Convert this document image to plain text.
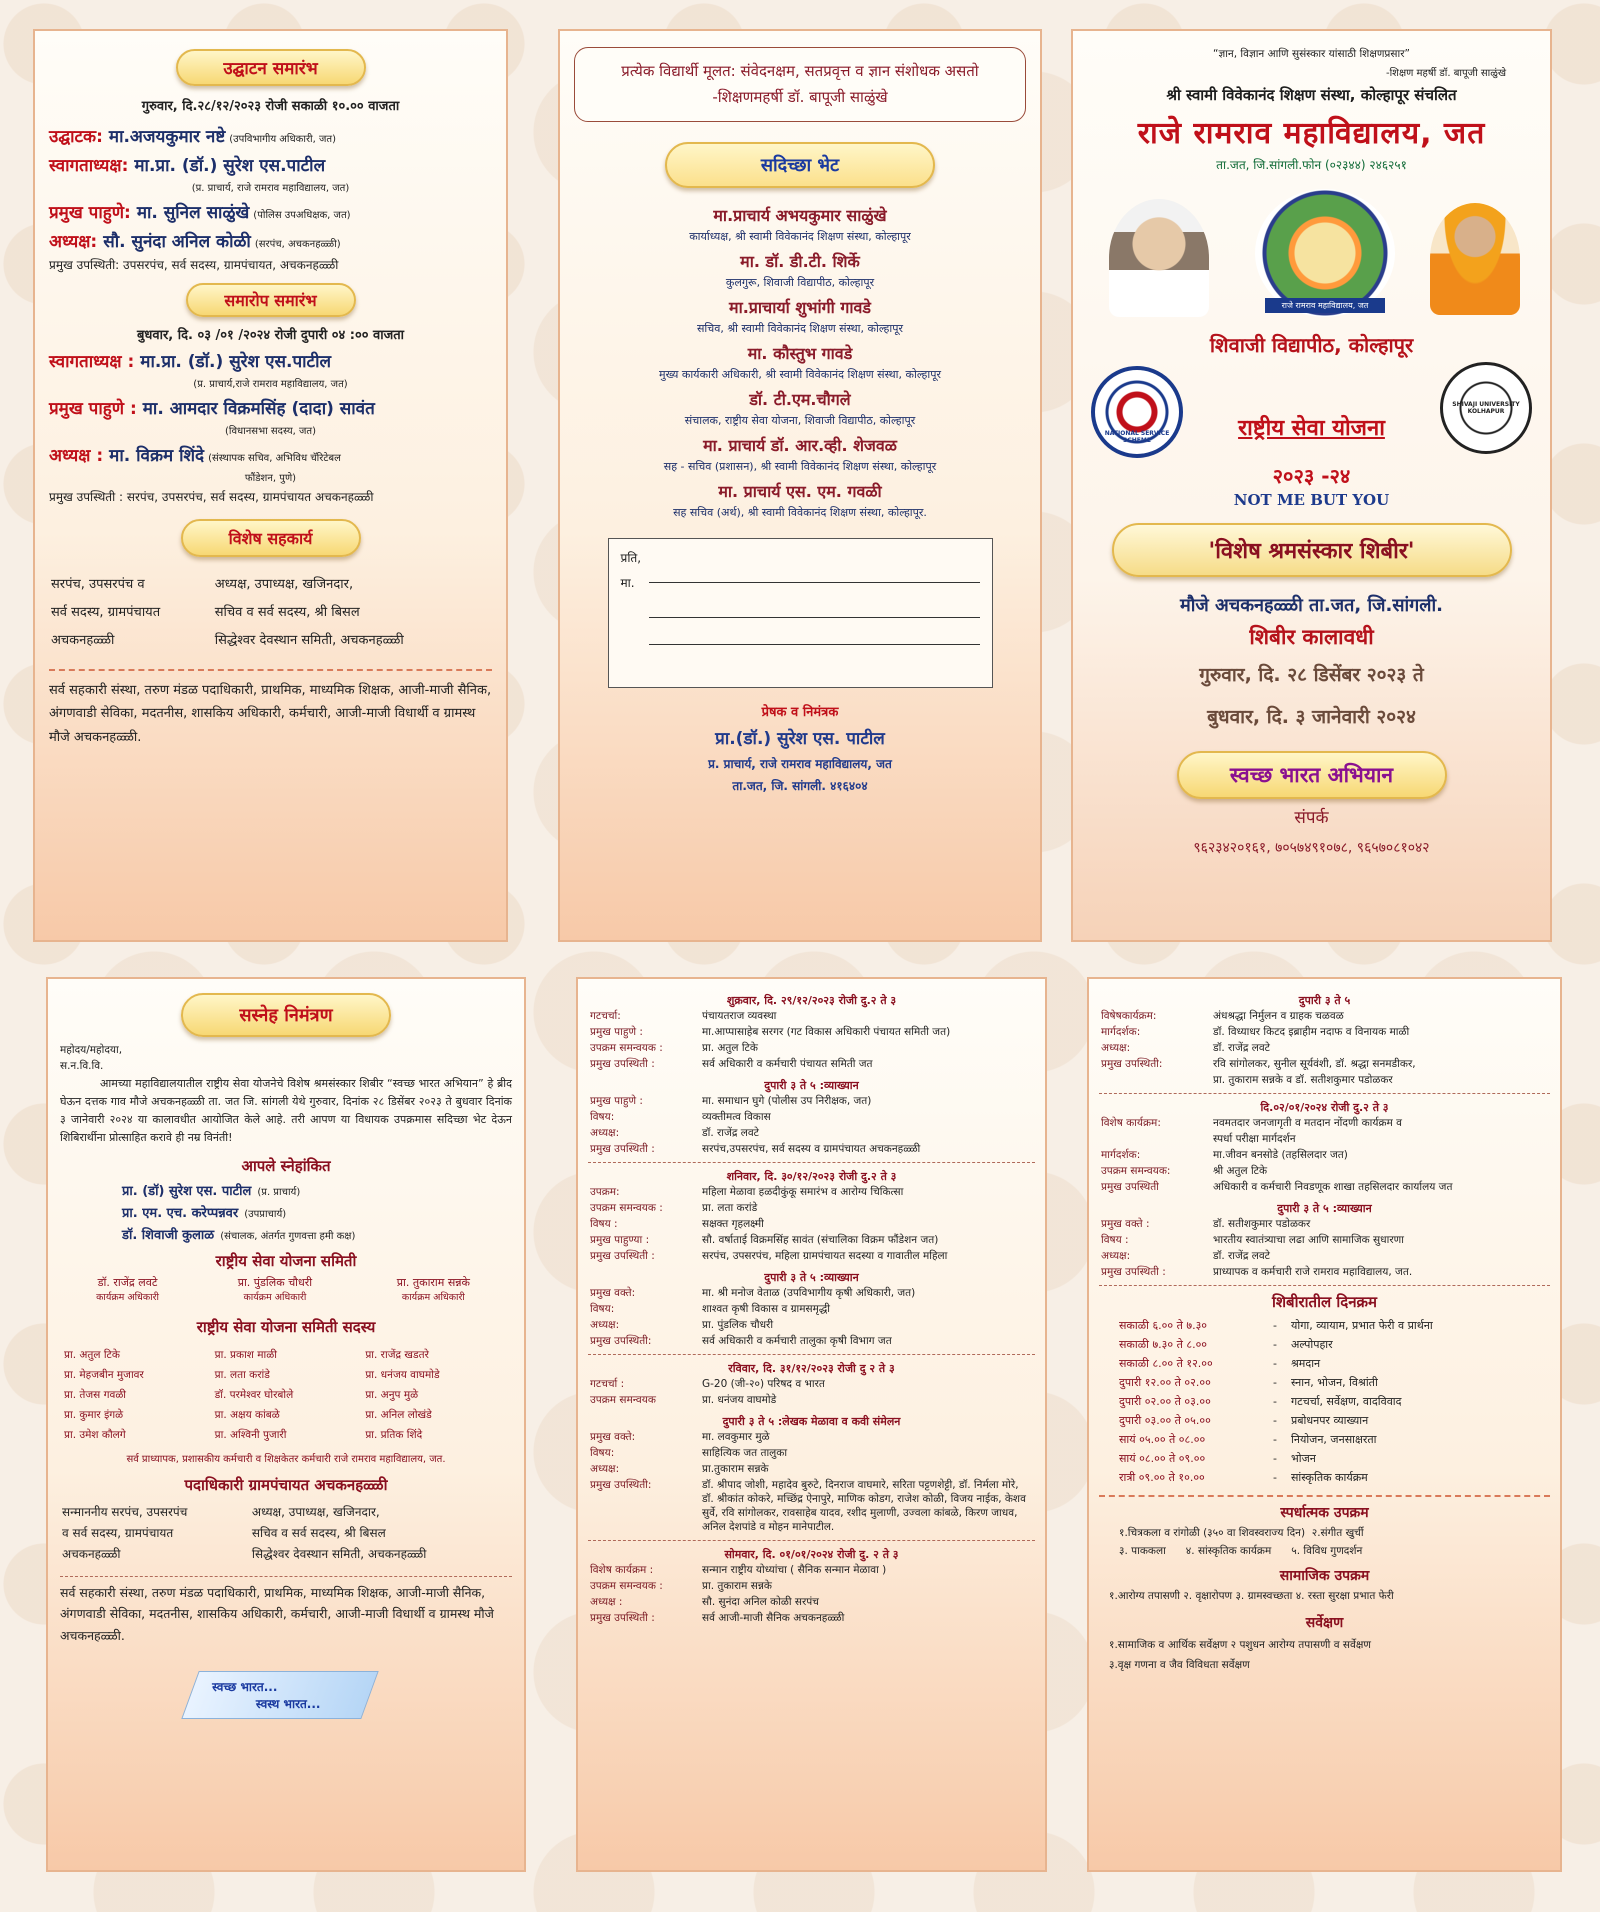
उद्घाटन समारंभ
गुरुवार, दि.२८/१२/२०२३ रोजी सकाळी १०.०० वाजता
उद्घाटक: मा.अजयकुमार नष्टे (उपविभागीय अधिकारी, जत)
स्वागताध्यक्ष: मा.प्रा. (डॉ.) सुरेश एस.पाटील
(प्र. प्राचार्य, राजे रामराव महाविद्यालय, जत)
प्रमुख पाहुणे: मा. सुनिल साळुंखे (पोलिस उपअधिक्षक, जत)
अध्यक्ष: सौ. सुनंदा अनिल कोळी (सरपंच, अचकनहळ्ळी)
प्रमुख उपस्थिती: उपसरपंच, सर्व सदस्य, ग्रामपंचायत, अचकनहळ्ळी
समारोप समारंभ
बुधवार, दि. ०३ /०१ /२०२४ रोजी दुपारी ०४ :०० वाजता
स्वागताध्यक्ष : मा.प्रा. (डॉ.) सुरेश एस.पाटील
(प्र. प्राचार्य,राजे रामराव महाविद्यालय, जत)
प्रमुख पाहुणे : मा. आमदार विक्रमसिंह (दादा) सावंत
(विधानसभा सदस्य, जत)
अध्यक्ष : मा. विक्रम शिंदे (संस्थापक सचिव, अभिविध चॅरिटेबल
फौंडेशन, पुणे)
प्रमुख उपस्थिती : सरपंच, उपसरपंच, सर्व सदस्य, ग्रामपंचायत अचकनहळ्ळी
विशेष सहकार्य
सरपंच, उपसरपंच व	अध्यक्ष, उपाध्यक्ष, खजिनदार,
सर्व सदस्य, ग्रामपंचायत	सचिव व सर्व सदस्य, श्री बिसल
अचकनहळ्ळी	सिद्धेश्वर देवस्थान समिती, अचकनहळ्ळी
सर्व सहकारी संस्था, तरुण मंडळ पदाधिकारी, प्राथमिक, माध्यमिक शिक्षक, आजी-माजी सैनिक, अंगणवाडी सेविका, मदतनीस, शासकिय अधिकारी, कर्मचारी, आजी-माजी विधार्थी व ग्रामस्थ मौजे अचकनहळ्ळी.
प्रत्येक विद्यार्थी मूलत: संवेदनक्षम, सतप्रवृत्त व ज्ञान संशोधक असतो -शिक्षणमहर्षी डॉ. बापूजी साळुंखे
सदिच्छा भेट
मा.प्राचार्य अभयकुमार साळुंखे
कार्याध्यक्ष, श्री स्वामी विवेकानंद शिक्षण संस्था, कोल्हापूर
मा. डॉ. डी.टी. शिर्के
कुलगुरू, शिवाजी विद्यापीठ, कोल्हापूर
मा.प्राचार्या शुभांगी गावडे
सचिव, श्री स्वामी विवेकानंद शिक्षण संस्था, कोल्हापूर
मा. कौस्तुभ गावडे
मुख्य कार्यकारी अधिकारी, श्री स्वामी विवेकानंद शिक्षण संस्था, कोल्हापूर
डॉ. टी.एम.चौगले
संचालक, राष्ट्रीय सेवा योजना, शिवाजी विद्यापीठ, कोल्हापूर
मा. प्राचार्य डॉ. आर.व्ही. शेजवळ
सह - सचिव (प्रशासन), श्री स्वामी विवेकानंद शिक्षण संस्था, कोल्हापूर
मा. प्राचार्य एस. एम. गवळी
सह सचिव (अर्थ), श्री स्वामी विवेकानंद शिक्षण संस्था, कोल्हापूर.
प्रति,
मा.
प्रेषक व निमंत्रक
प्रा.(डॉ.) सुरेश एस. पाटील
प्र. प्राचार्य, राजे रामराव महाविद्यालय, जत
ता.जत, जि. सांगली. ४१६४०४
“ज्ञान, विज्ञान आणि सुसंस्कार यांसाठी शिक्षणप्रसार”
-शिक्षण महर्षी डॉ. बापूजी साळुंखे
श्री स्वामी विवेकानंद शिक्षण संस्था, कोल्हापूर संचलित
राजे रामराव महाविद्यालय, जत
ता.जत, जि.सांगली.फोन (०२३४४) २४६२५१
राजे रामराव महाविद्यालय, जत
शिवाजी विद्यापीठ, कोल्हापूर
NATIONAL SERVICE SCHEME
SHIVAJI UNIVERSITY KOLHAPUR
राष्ट्रीय सेवा योजना
२०२३ -२४
NOT ME BUT YOU
'विशेष श्रमसंस्कार शिबीर'
मौजे अचकनहळ्ळी ता.जत, जि.सांगली.
शिबीर कालावधी
गुरुवार, दि. २८ डिसेंबर २०२३ ते
बुधवार, दि. ३ जानेवारी २०२४
स्वच्छ भारत अभियान
संपर्क
९६२३४२०१६१, ७०५७४९१०७८, ९६५७०८१०४२
सस्नेह निमंत्रण
महोदय/महोदया,
स.न.वि.वि.
आमच्या महाविद्यालयातील राष्ट्रीय सेवा योजनेचे विशेष श्रमसंस्कार शिबीर “स्वच्छ भारत अभियान” हे ब्रीद घेऊन दत्तक गाव मौजे अचकनहळ्ळी ता. जत जि. सांगली येथे गुरुवार, दिनांक २८ डिसेंबर २०२३ ते बुधवार दिनांक ३ जानेवारी २०२४ या कालावधीत आयोजित केले आहे. तरी आपण या विधायक उपक्रमास सदिच्छा भेट देऊन शिबिरार्थीना प्रोत्साहित करावे ही नम्र विनंती!
आपले स्नेहांकित
प्रा. (डॉ) सुरेश एस. पाटील (प्र. प्राचार्य)
प्रा. एम. एच. करेप्पन्नवर (उपप्राचार्य)
डॉ. शिवाजी कुलाळ (संचालक, अंतर्गत गुणवत्ता हमी कक्ष)
राष्ट्रीय सेवा योजना समिती
डॉ. राजेंद्र लवटे	प्रा. पुंडलिक चौधरी	प्रा. तुकाराम सन्नके
कार्यक्रम अधिकारी	कार्यक्रम अधिकारी	कार्यक्रम अधिकारी
राष्ट्रीय सेवा योजना समिती सदस्य
प्रा. अतुल टिके	प्रा. प्रकाश माळी	प्रा. राजेंद्र खडतरे
प्रा. मेहजबीन मुजावर	प्रा. लता करांडे	प्रा. धनंजय वाघमोडे
प्रा. तेजस गवळी	डॉ. परमेश्वर घोरबोले	प्रा. अनुप मुळे
प्रा. कुमार इंगळे	प्रा. अक्षय कांबळे	प्रा. अनिल लोखंडे
प्रा. उमेश कौलगे	प्रा. अश्विनी पुजारी	प्रा. प्रतिक शिंदे
सर्व प्राध्यापक, प्रशासकीय कर्मचारी व शिक्षकेतर कर्मचारी राजे रामराव महाविद्यालय, जत.
पदाधिकारी ग्रामपंचायत अचकनहळ्ळी
सन्माननीय सरपंच, उपसरपंच	अध्यक्ष, उपाध्यक्ष, खजिनदार,
व सर्व सदस्य, ग्रामपंचायत	सचिव व सर्व सदस्य, श्री बिसल
अचकनहळ्ळी	सिद्धेश्वर देवस्थान समिती, अचकनहळ्ळी
सर्व सहकारी संस्था, तरुण मंडळ पदाधिकारी, प्राथमिक, माध्यमिक शिक्षक, आजी-माजी सैनिक, अंगणवाडी सेविका, मदतनीस, शासकिय अधिकारी, कर्मचारी, आजी-माजी विधार्थी व ग्रामस्थ मौजे अचकनहळ्ळी.
स्वच्छ भारत...
स्वस्थ भारत...
शुक्रवार, दि. २९/१२/२०२३ रोजी दु.२ ते ३
गटचर्चा:	पंचायतराज व्यवस्था
प्रमुख पाहुणे :	मा.आप्पासाहेब सरगर (गट विकास अधिकारी पंचायत समिती जत)
उपक्रम समन्वयक :	प्रा. अतुल टिके
प्रमुख उपस्थिती :	सर्व अधिकारी व कर्मचारी पंचायत समिती जत
दुपारी ३ ते ५ :व्याख्यान
प्रमुख पाहुणे :	मा. समाधान घुगे (पोलीस उप निरीक्षक, जत)
विषय:	व्यक्तीमत्व विकास
अध्यक्ष:	डॉ. राजेंद्र लवटे
प्रमुख उपस्थिती :	सरपंच,उपसरपंच, सर्व सदस्य व ग्रामपंचायत अचकनहळ्ळी
शनिवार, दि. ३०/१२/२०२३ रोजी दु.२ ते ३
उपक्रम:	महिला मेळावा हळदीकुंकू समारंभ व आरोग्य चिकित्सा
उपक्रम समन्वयक :	प्रा. लता करांडे
विषय :	सक्षक्त गृहलक्ष्मी
प्रमुख पाहुण्या :	सौ. वर्षाताई विक्रमसिंह सावंत (संचालिका विक्रम फौंडेशन जत)
प्रमुख उपस्थिती :	सरपंच, उपसरपंच, महिला ग्रामपंचायत सदस्या व गावातील महिला
दुपारी ३ ते ५ :व्याख्यान
प्रमुख वक्ते:	मा. श्री मनोज वेताळ (उपविभागीय कृषी अधिकारी, जत)
विषय:	शाश्वत कृषी विकास व ग्रामसमृद्धी
अध्यक्ष:	प्रा. पुंडलिक चौधरी
प्रमुख उपस्थिती:	सर्व अधिकारी व कर्मचारी तालुका कृषी विभाग जत
रविवार, दि. ३१/१२/२०२३ रोजी दु २ ते ३
गटचर्चा :	G-20 (जी-२०) परिषद व भारत
उपक्रम समन्वयक	प्रा. धनंजय वाघमोडे
दुपारी ३ ते ५ :लेखक मेळावा व कवी संमेलन
प्रमुख वक्ते:	मा. लवकुमार मुळे
विषय:	साहित्यिक जत तालुका
अध्यक्ष:	प्रा.तुकाराम सन्नके
प्रमुख उपस्थिती:	डॉ. श्रीपाद जोशी, महादेव बुरुटे, दिनराज वाघमारे, सरिता पट्टणशेट्टी, डॉ. निर्मला मोरे, डॉ. श्रीकांत कोकरे, मच्छिंद्र ऐनापुरे, माणिक कोडग, राजेश कोळी, विजय नाईक, केशव सुर्वे, रवि सांगोलकर, रावसाहेब यादव, रशीद मुलाणी, उज्वला कांबळे, किरण जाधव, अनिल देशपांडे व मोहन मानेपाटील.
सोमवार, दि. ०१/०१/२०२४ रोजी दु. २ ते ३
विशेष कार्यक्रम :	सन्मान राष्ट्रीय योध्यांचा ( सैनिक सन्मान मेळावा )
उपक्रम समन्वयक :	प्रा. तुकाराम सन्नके
अध्यक्ष :	सौ. सुनंदा अनिल कोळी सरपंच
प्रमुख उपस्थिती :	सर्व आजी-माजी सैनिक अचकनहळ्ळी
दुपारी ३ ते ५
विषेषकार्यक्रम:	अंधश्रद्धा निर्मुलन व ग्राहक चळवळ
मार्गदर्शक:	डॉ. विध्याधर किटद इब्राहीम नदाफ व विनायक माळी
अध्यक्ष:	डॉ. राजेंद्र लवटे
प्रमुख उपस्थिती:	रवि सांगोलकर, सुनील सूर्यवंशी, डॉ. श्रद्धा सनमडीकर,
	प्रा. तुकाराम सन्नके व डॉ. सतीशकुमार पडोळकर
दि.०२/०१/२०२४ रोजी दु.२ ते ३
विशेष कार्यक्रम:	नवमतदार जनजागृती व मतदान नोंदणी कार्यक्रम व
	स्पर्धा परीक्षा मार्गदर्शन
मार्गदर्शक:	मा.जीवन बनसोडे (तहसिलदार जत)
उपक्रम समन्वयक:	श्री अतुल टिके
प्रमुख उपस्थिती	अधिकारी व कर्मचारी निवडणूक शाखा तहसिलदार कार्यालय जत
दुपारी ३ ते ५ :व्याख्यान
प्रमुख वक्ते :	डॉ. सतीशकुमार पडोळकर
विषय :	भारतीय स्वातंत्र्याचा लढा आणि सामाजिक सुधारणा
अध्यक्ष:	डॉ. राजेंद्र लवटे
प्रमुख उपस्थिती :	प्राध्यापक व कर्मचारी राजे रामराव महाविद्यालय, जत.
शिबीरातील दिनक्रम
सकाळी ६.०० ते ७.३०	-	योगा, व्यायाम, प्रभात फेरी व प्रार्थना
सकाळी ७.३० ते ८.००	-	अल्पोपहार
सकाळी ८.०० ते १२.००	-	श्रमदान
दुपारी १२.०० ते ०२.००	-	स्नान, भोजन, विश्रांती
दुपारी ०२.०० ते ०३.००	-	गटचर्चा, सर्वेक्षण, वादविवाद
दुपारी ०३.०० ते ०५.००	-	प्रबोधनपर व्याख्यान
सायं ०५.०० ते ०८.००	-	नियोजन, जनसाक्षरता
सायं ०८.०० ते ०९.००	-	भोजन
रात्री ०९.०० ते १०.००	-	सांस्कृतिक कार्यक्रम
स्पर्धात्मक उपक्रम
१.चित्रकला व रांगोळी (३५० वा शिवस्वराज्य दिन)  २.संगीत खुर्ची
३. पाककला      ४. सांस्कृतिक कार्यक्रम      ५. विविध गुणदर्शन
सामाजिक उपक्रम
१.आरोग्य तपासणी २. वृक्षारोपण ३. ग्रामस्वच्छता ४. रस्ता सुरक्षा प्रभात फेरी
सर्वेक्षण
१.सामाजिक व आर्थिक सर्वेक्षण २ पशुधन आरोग्य तपासणी व सर्वेक्षण
३.वृक्ष गणना व जैव विविधता सर्वेक्षण
